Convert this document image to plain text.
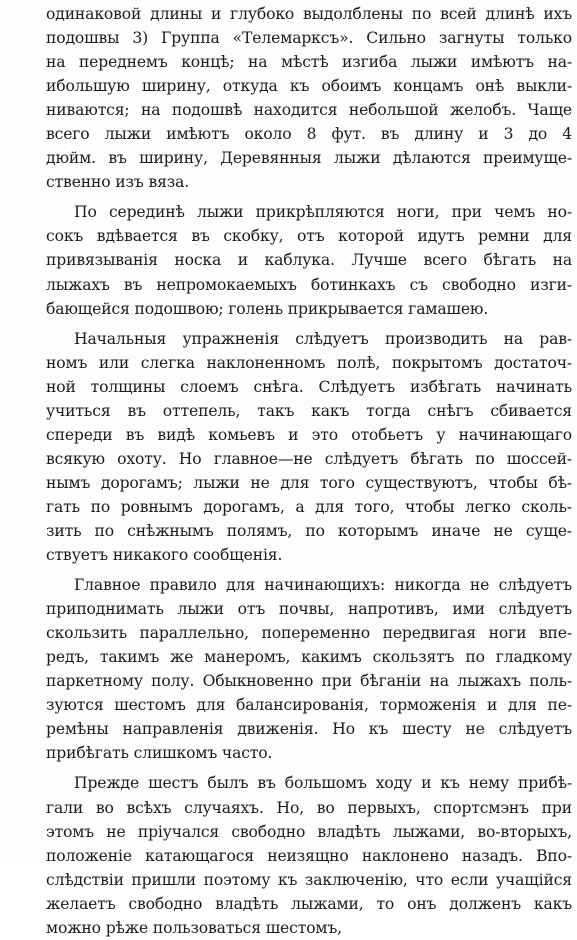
одинаковой длины и глубоко выдолблены по всей длинѣ ихъ
подошвы 3) Группа «Телемарксъ». Сильно загнуты только
на переднемъ концѣ; на мѣстѣ изгиба лыжи имѣютъ на-
ибольшую ширину, откуда къ обоимъ концамъ онѣ выкли-
ниваются; на подошвѣ находится небольшой желобъ. Чаще
всего лыжи имѣютъ около 8 фут. въ длину и 3 до 4
дюйм. въ ширину, Деревянныя лыжи дѣлаются преимуще-
ственно изъ вяза.
По серединѣ лыжи прикрѣпляются ноги, при чемъ но-
сокъ вдѣвается въ скобку, отъ которой идутъ ремни для
привязыванія носка и каблука. Лучше всего бѣгать на
лыжахъ въ непромокаемыхъ ботинкахъ съ свободно изги-
бающейся подошвою; голень прикрывается гамашею.
Начальныя упражненія слѣдуетъ производить на рав-
номъ или слегка наклоненномъ полѣ, покрытомъ достаточ-
ной толщины слоемъ снѣга. Слѣдуетъ избѣгать начинать
учиться въ оттепель, такъ какъ тогда снѣгъ сбивается
спереди въ видѣ комьевъ и это отобьетъ у начинающаго
всякую охоту. Но главное—не слѣдуетъ бѣгать по шоссей-
нымъ дорогамъ; лыжи не для того существуютъ, чтобы бѣ-
гать по ровнымъ дорогамъ, а для того, чтобы легко сколь-
зить по снѣжнымъ полямъ, по которымъ иначе не суще-
ствуетъ никакого сообщенія.
Главное правило для начинающихъ: никогда не слѣдуетъ
приподнимать лыжи отъ почвы, напротивъ, ими слѣдуетъ
скользить параллельно, попеременно передвигая ноги впе-
редъ, такимъ же манеромъ, какимъ скользятъ по гладкому
паркетному полу. Обыкновенно при бѣганіи на лыжахъ поль-
зуются шестомъ для балансированія, торможенія и для пе-
ремѣны направленія движенія. Но къ шесту не слѣдуетъ
прибѣгать слишкомъ часто.
Прежде шестъ былъ въ большомъ ходу и къ нему прибѣ-
гали во всѣхъ случаяхъ. Но, во первыхъ, спортсмэнъ при
этомъ не пріучался свободно владѣть лыжами, во-вторыхъ,
положеніе катающагося неизящно наклонено назадъ. Впо-
слѣдствіи пришли поэтому къ заключенію, что если учащійся
желаетъ свободно владѣть лыжами, то онъ долженъ какъ
можно рѣже пользоваться шестомъ,
